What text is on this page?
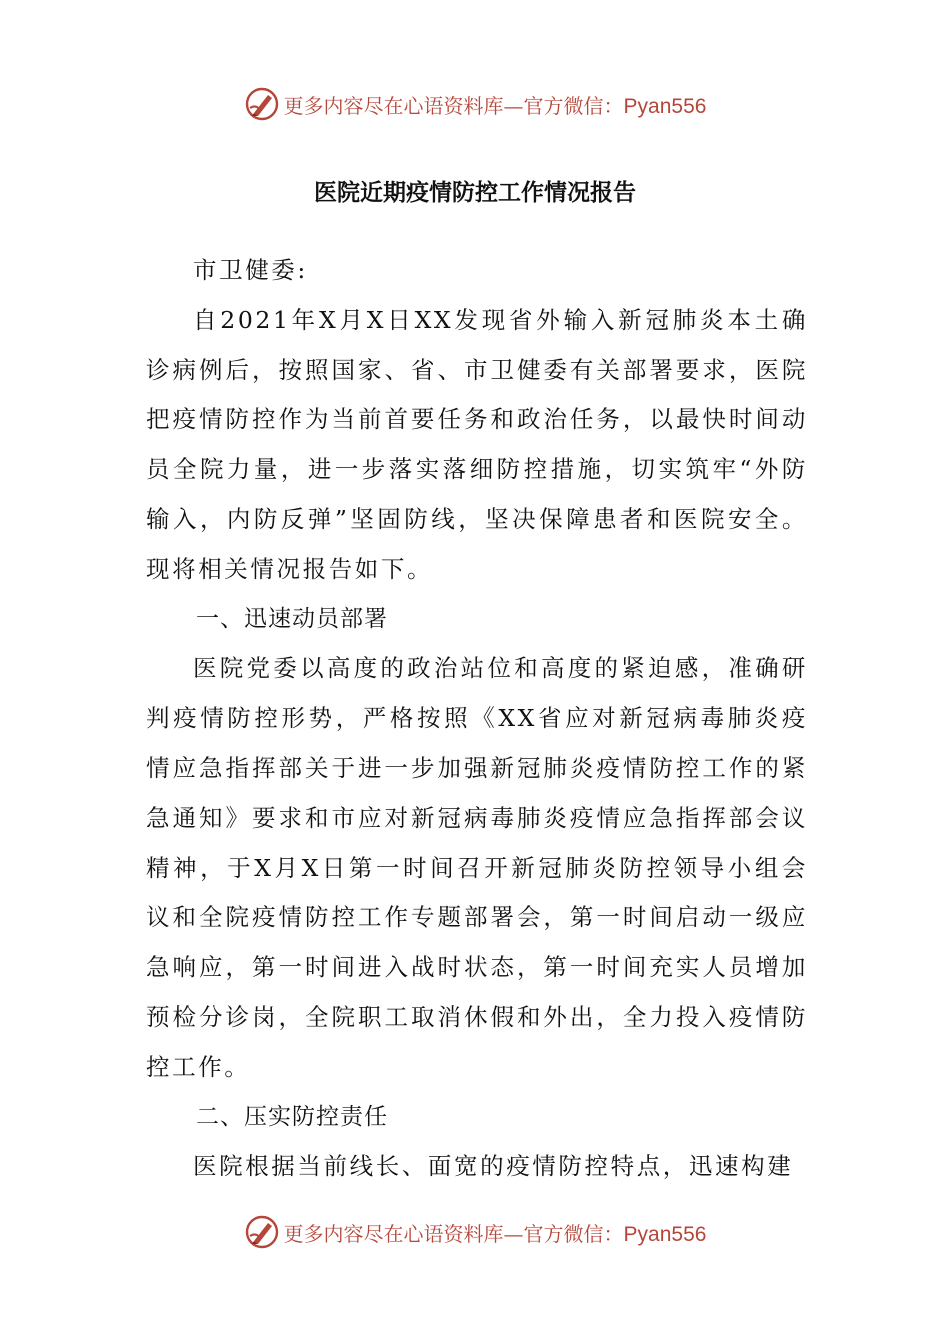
更多内容尽在心语资料库—官方微信：Pyan556
医院近期疫情防控工作情况报告

市卫健委:

自2021年X月X日XX发现省外输入新冠肺炎本土确诊病例后，按照国家、省、市卫健委有关部署要求，医院把疫情防控作为当前首要任务和政治任务，以最快时间动员全院力量，进一步落实落细防控措施，切实筑牢“外防输入，内防反弹”坚固防线，坚决保障患者和医院安全。现将相关情况报告如下。

一、迅速动员部署

医院党委以高度的政治站位和高度的紧迫感，准确研判疫情防控形势，严格按照《XX省应对新冠病毒肺炎疫情应急指挥部关于进一步加强新冠肺炎疫情防控工作的紧急通知》要求和市应对新冠病毒肺炎疫情应急指挥部会议精神，于X月X日第一时间召开新冠肺炎防控领导小组会议和全院疫情防控工作专题部署会，第一时间启动一级应急响应，第一时间进入战时状态，第一时间充实人员增加预检分诊岗，全院职工取消休假和外出，全力投入疫情防控工作。

二、压实防控责任

医院根据当前线长、面宽的疫情防控特点，迅速构建

更多内容尽在心语资料库—官方微信：Pyan556
